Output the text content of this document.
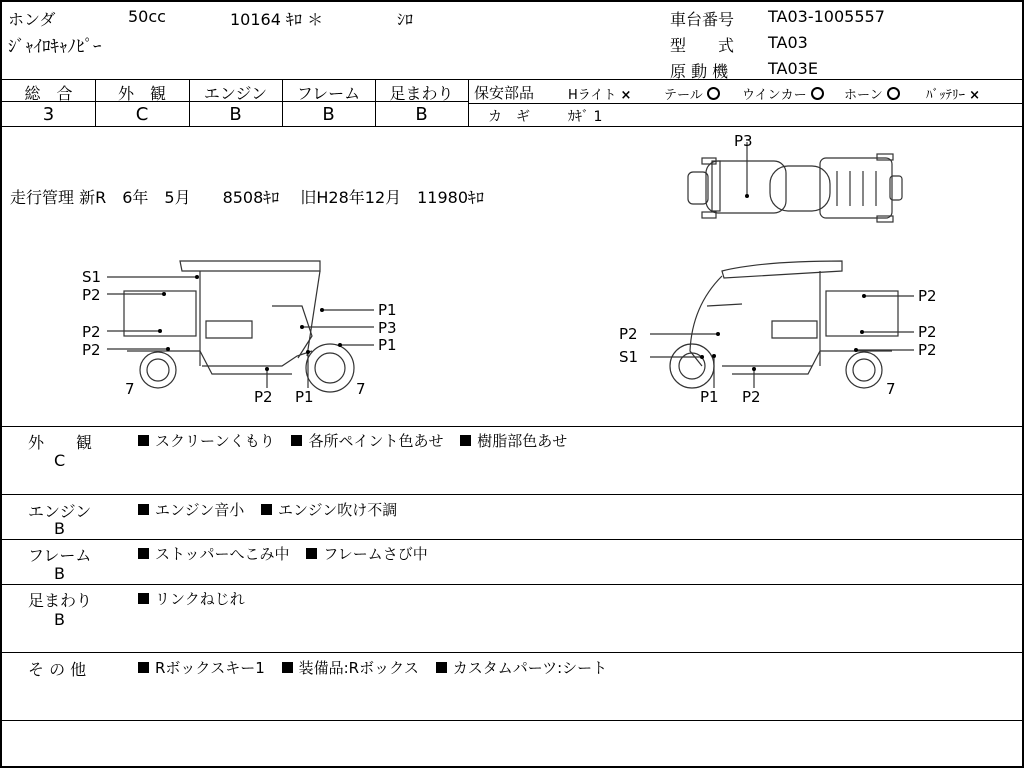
ホンダ	50cc	10164 ｷﾛ ＊	ｼﾛ
ｼﾞｬｲﾛｷｬﾉﾋﾟｰ
車台番号 TA03-1005557
型　　式 TA03
原 動 機 TA03E
総　合	外　観	エンジン	フレーム	足まわり
3	C	B	B	B
保安部品	Hライト ×	テール	ウインカー	ホーン	ﾊﾞｯﾃﾘｰ ×
カ　ギ	ｶｷﾞ 1
走行管理 新R　6年　5月　　8508ｷﾛ　 旧H28年12月　11980ｷﾛ
P3
S1
P2
P2
P2
P1
P3
P1
7	P2 P1	7
P2
P2
P2
P2
S1
P1 P2	7
外　　観
C
スクリーンくもり 各所ペイント色あせ 樹脂部色あせ
エンジン
B
エンジン音小 エンジン吹け不調
フレーム
B
ストッパーへこみ中 フレームさび中
足まわり
B
リンクねじれ
そ の 他	Rボックスキー1 装備品:Rボックス カスタムパーツ:シート
